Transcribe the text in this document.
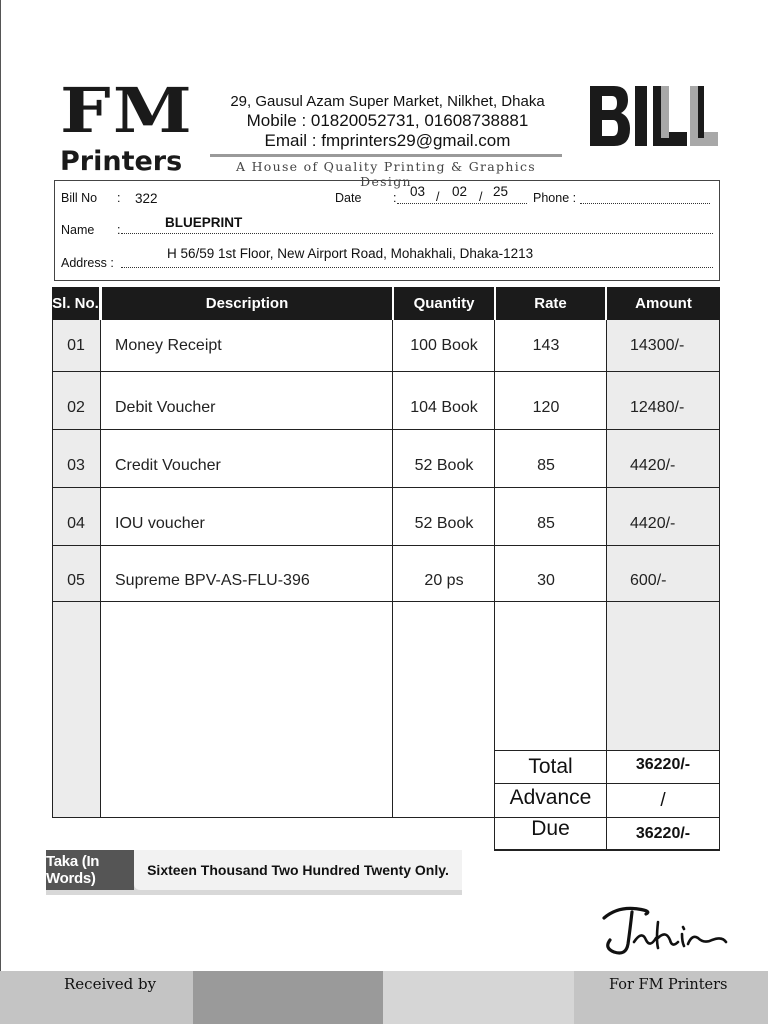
FM
Printers
29, Gausul Azam Super Market, Nilkhet, Dhaka
Mobile : 01820052731, 01608738881
Email : fmprinters29@gmail.com
A House of Quality Printing & Graphics Design
Bill No : 322	Date	: 03 / 02 / 25 Phone :
Name :	BLUEPRINT
Address :
H 56/59 1st Floor, New Airport Road, Mohakhali, Dhaka-1213
Sl. No.	Description	Quantity	Rate	Amount
01	Money Receipt	100 Book	143	14300/-
02	Debit Voucher	104 Book	120	12480/-
03	Credit Voucher	52 Book	85	4420/-
04	IOU voucher	52 Book	85	4420/-
05	Supreme BPV-AS-FLU-396	20 ps	30	600/-
Total	36220/-
Advance	/
Due	36220/-
Taka (In Words)	Sixteen Thousand Two Hundred Twenty Only.
Received by	For FM Printers
